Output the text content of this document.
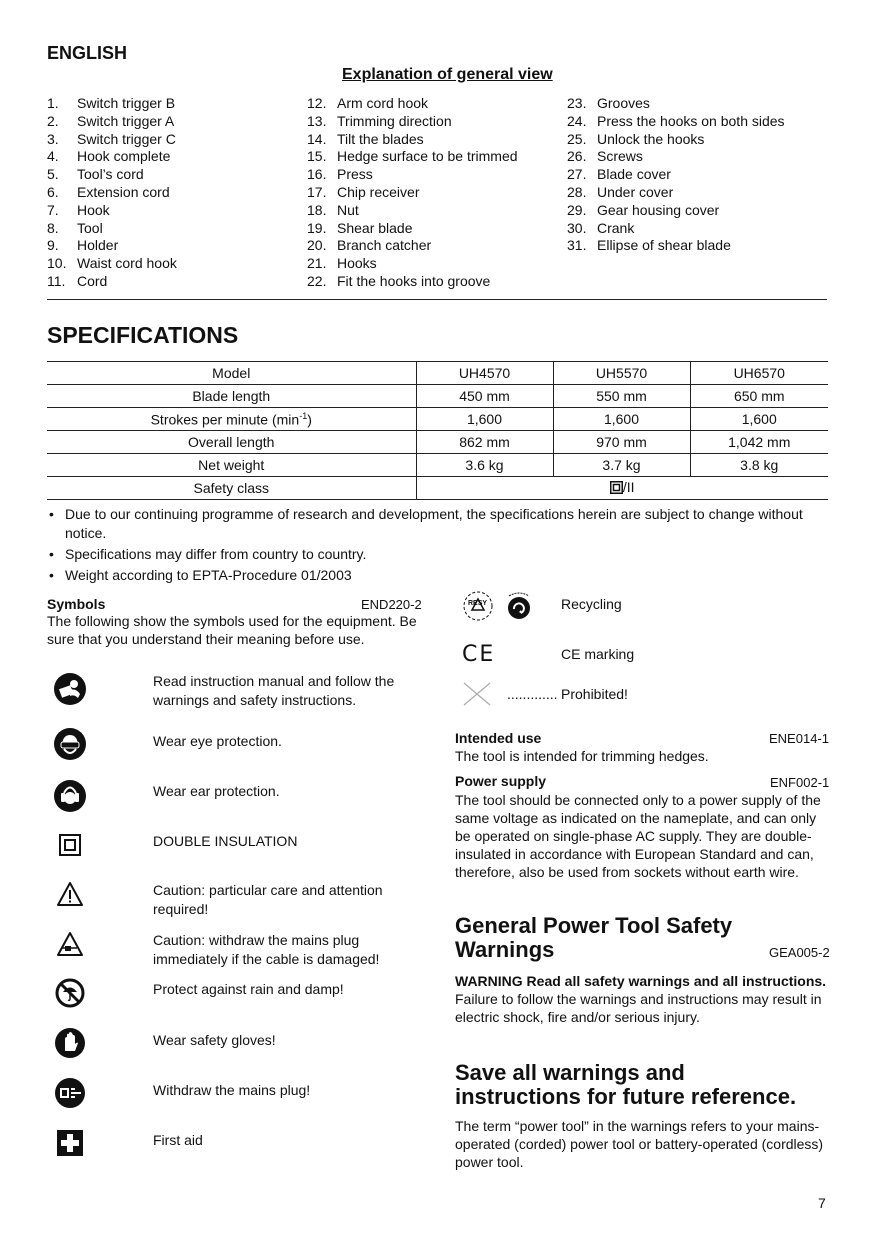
ENGLISH
Explanation of general view
1.	Switch trigger B
2.	Switch trigger A
3.	Switch trigger C
4.	Hook complete
5.	Tool’s cord
6.	Extension cord
7.	Hook
8.	Tool
9.	Holder
10. Waist cord hook
11. Cord
12. Arm cord hook
13. Trimming direction
14. Tilt the blades
15. Hedge surface to be trimmed
16. Press
17. Chip receiver
18. Nut
19. Shear blade
20. Branch catcher
21. Hooks
22. Fit the hooks into groove
23. Grooves
24. Press the hooks on both sides
25. Unlock the hooks
26. Screws
27. Blade cover
28. Under cover
29. Gear housing cover
30. Crank
31. Ellipse of shear blade
SPECIFICATIONS
Model	UH4570	UH5570	UH6570
Blade length	450 mm	550 mm	650 mm
Strokes per minute $(\min^{-1})$	1,600	1,600	1,600
Overall length	862 mm	970 mm	1,042 mm
Net weight	3.6 kg	3.7 kg	3.8 kg
Safety class	/II		
• Due to our continuing programme of research and development, the specifications herein are subject to change without notice.
• Specifications may differ from country to country.
• Weight according to EPTA-Procedure 01/2003
Symbols	END220-2
The following show the symbols used for the equipment. Be sure that you understand their meaning before use.
Read instruction manual and follow the warnings and safety instructions.
Wear eye protection.
Wear ear protection.
DOUBLE INSULATION
Caution: particular care and attention required!
Caution: withdraw the mains plug immediately if the cable is damaged!
Protect against rain and damp!
Wear safety gloves!
Withdraw the mains plug!
First aid
RESY	Recycling
CE	CE marking
............. Prohibited!
Intended use	ENE014-1
The tool is intended for trimming hedges.
Power supply	ENF002-1
The tool should be connected only to a power supply of the same voltage as indicated on the nameplate, and can only be operated on single-phase AC supply. They are double-insulated in accordance with European Standard and can, therefore, also be used from sockets without earth wire.
General Power Tool Safety
Warnings	GEA005-2
WARNING Read all safety warnings and all instructions. Failure to follow the warnings and instructions may result in electric shock, fire and/or serious injury.
Save all warnings and
instructions for future reference.
The term “power tool” in the warnings refers to your mains-operated (corded) power tool or battery-operated (cordless) power tool.
7
